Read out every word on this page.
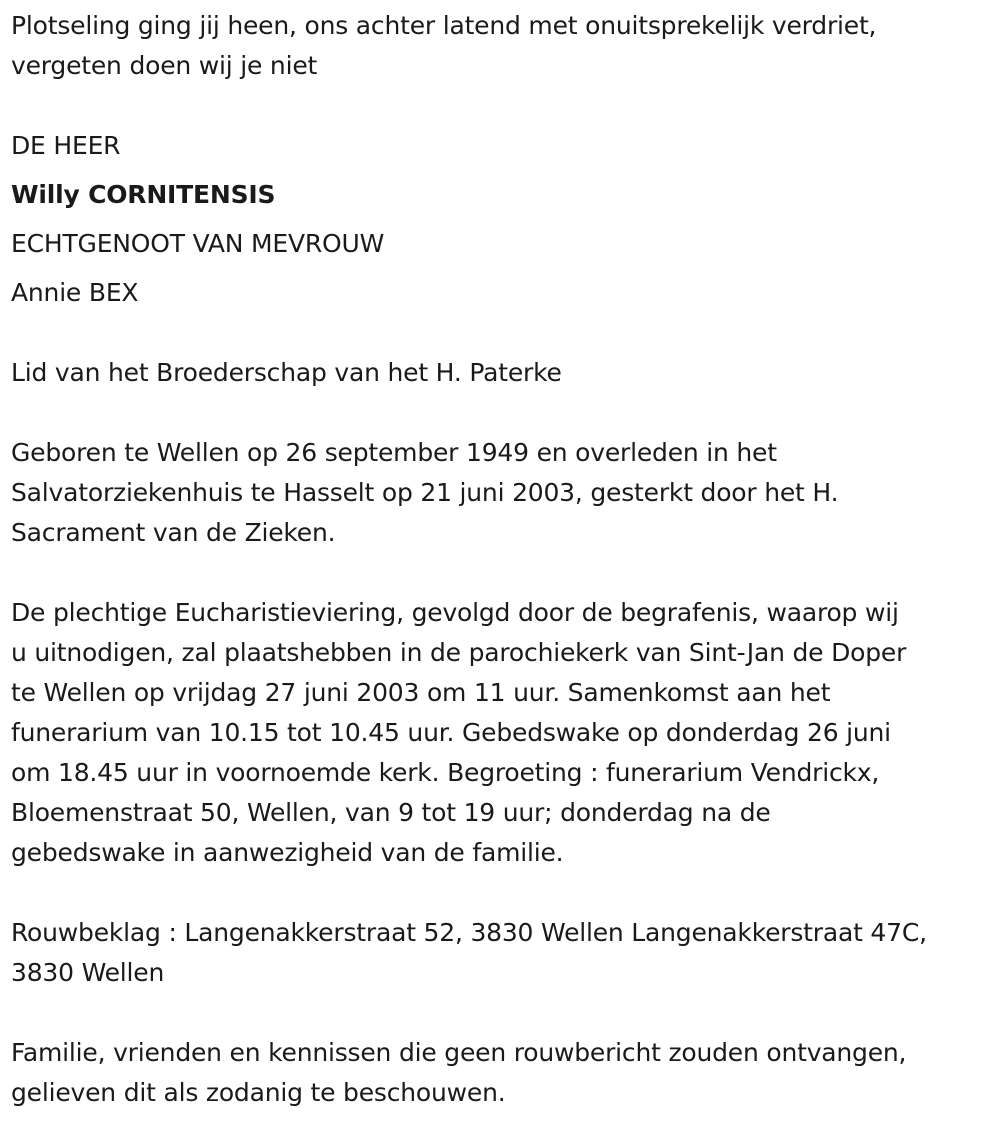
Plotseling ging jij heen, ons achter latend met onuitsprekelijk verdriet,
vergeten doen wij je niet

DE HEER
Willy CORNITENSIS
ECHTGENOOT VAN MEVROUW
Annie BEX

Lid van het Broederschap van het H. Paterke

Geboren te Wellen op 26 september 1949 en overleden in het
Salvatorziekenhuis te Hasselt op 21 juni 2003, gesterkt door het H.
Sacrament van de Zieken.

De plechtige Eucharistieviering, gevolgd door de begrafenis, waarop wij
u uitnodigen, zal plaatshebben in de parochiekerk van Sint-Jan de Doper
te Wellen op vrijdag 27 juni 2003 om 11 uur. Samenkomst aan het
funerarium van 10.15 tot 10.45 uur. Gebedswake op donderdag 26 juni
om 18.45 uur in voornoemde kerk. Begroeting : funerarium Vendrickx,
Bloemenstraat 50, Wellen, van 9 tot 19 uur; donderdag na de
gebedswake in aanwezigheid van de familie.

Rouwbeklag : Langenakkerstraat 52, 3830 Wellen Langenakkerstraat 47C,
3830 Wellen

Familie, vrienden en kennissen die geen rouwbericht zouden ontvangen,
gelieven dit als zodanig te beschouwen.
